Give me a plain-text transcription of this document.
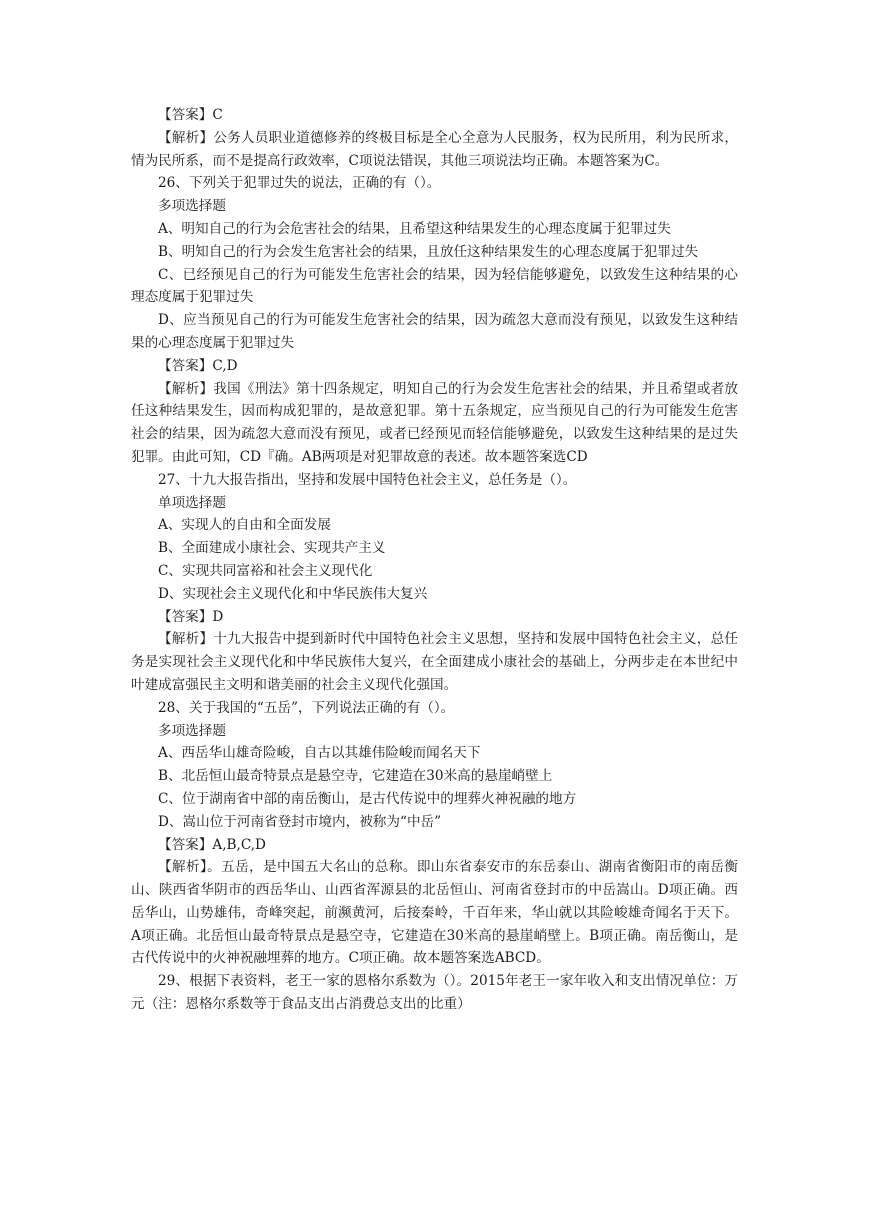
【答案】C

【解析】公务人员职业道德修养的终极目标是全心全意为人民服务，权为民所用，利为民所求，情为民所系，而不是提高行政效率，C项说法错误，其他三项说法均正确。本题答案为C。

26、下列关于犯罪过失的说法，正确的有（）。

多项选择题

A、明知自己的行为会危害社会的结果，且希望这种结果发生的心理态度属于犯罪过失

B、明知自己的行为会发生危害社会的结果，且放任这种结果发生的心理态度属于犯罪过失

C、已经预见自己的行为可能发生危害社会的结果，因为轻信能够避免，以致发生这种结果的心理态度属于犯罪过失

D、应当预见自己的行为可能发生危害社会的结果，因为疏忽大意而没有预见，以致发生这种结果的心理态度属于犯罪过失

【答案】C,D

【解析】我国《刑法》第十四条规定，明知自己的行为会发生危害社会的结果，并且希望或者放任这种结果发生，因而构成犯罪的，是故意犯罪。第十五条规定，应当预见自己的行为可能发生危害社会的结果，因为疏忽大意而没有预见，或者已经预见而轻信能够避免，以致发生这种结果的是过失犯罪。由此可知，CD『确。AB两项是对犯罪故意的表述。故本题答案选CD

27、十九大报告指出，坚持和发展中国特色社会主义，总任务是（）。

单项选择题

A、实现人的自由和全面发展

B、全面建成小康社会、实现共产主义

C、实现共同富裕和社会主义现代化

D、实现社会主义现代化和中华民族伟大复兴

【答案】D

【解析】十九大报告中提到新时代中国特色社会主义思想，坚持和发展中国特色社会主义，总任务是实现社会主义现代化和中华民族伟大复兴，在全面建成小康社会的基础上，分两步走在本世纪中叶建成富强民主文明和谐美丽的社会主义现代化强国。

28、关于我国的“五岳”，下列说法正确的有（）。

多项选择题

A、西岳华山雄奇险峻，自古以其雄伟险峻而闻名天下

B、北岳恒山最奇特景点是悬空寺，它建造在30米高的悬崖峭壁上

C、位于湖南省中部的南岳衡山，是古代传说中的埋葬火神祝融的地方

D、嵩山位于河南省登封市境内，被称为“中岳”

【答案】A,B,C,D

【解析】。五岳，是中国五大名山的总称。即山东省泰安市的东岳泰山、湖南省衡阳市的南岳衡山、陕西省华阴市的西岳华山、山西省浑源县的北岳恒山、河南省登封市的中岳嵩山。D项正确。西岳华山，山势雄伟，奇峰突起，前濒黄河，后接秦岭，千百年来，华山就以其险峻雄奇闻名于天下。A项正确。北岳恒山最奇特景点是悬空寺，它建造在30米高的悬崖峭壁上。B项正确。南岳衡山，是古代传说中的火神祝融埋葬的地方。C项正确。故本题答案选ABCD。

29、根据下表资料，老王一家的恩格尔系数为（）。2015年老王一家年收入和支出情况单位：万元（注：恩格尔系数等于食品支出占消费总支出的比重）
